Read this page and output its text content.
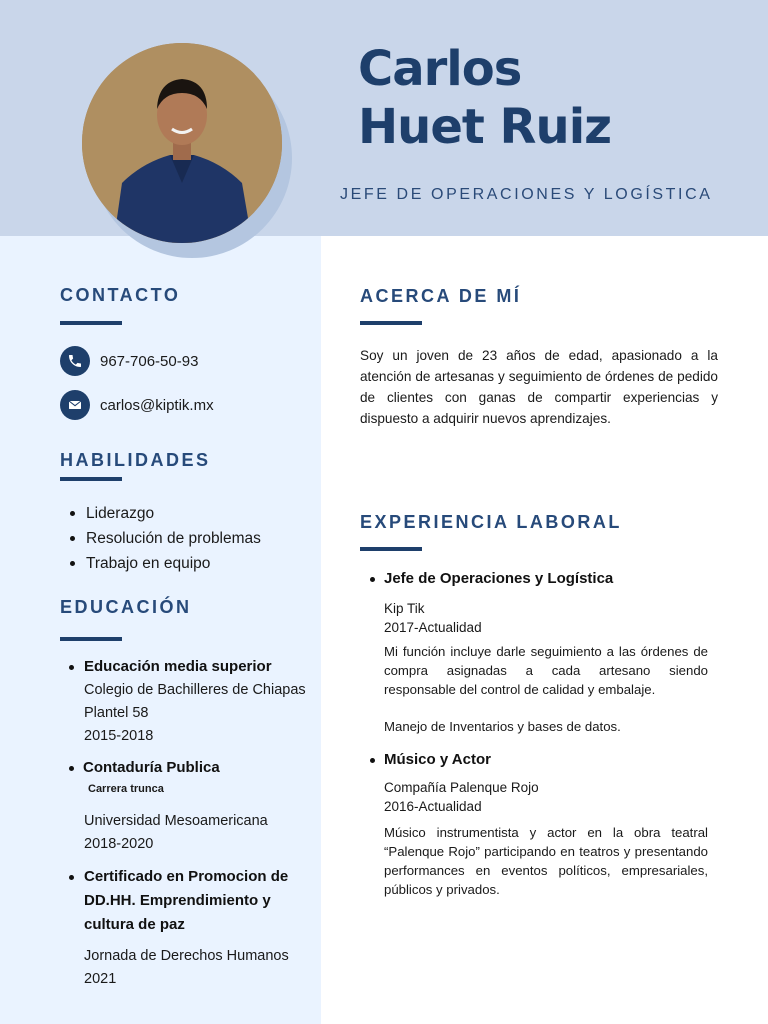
Carlos
Huet Ruiz
JEFE DE OPERACIONES Y LOGÍSTICA
CONTACTO
967-706-50-93
carlos@kiptik.mx
HABILIDADES
Liderazgo
Resolución de problemas
Trabajo en equipo
EDUCACIÓN
Educación media superior
Colegio de Bachilleres de Chiapas
Plantel 58
2015-2018
Contaduría Publica
Carrera trunca
Universidad Mesoamericana
2018-2020
Certificado en Promocion de DD.HH. Emprendimiento y cultura de paz
Jornada de Derechos Humanos
2021
ACERCA DE MÍ
Soy un joven de 23 años de edad, apasionado a la atención de artesanas y seguimiento de órdenes de pedido de clientes con ganas de compartir experiencias y dispuesto a adquirir nuevos aprendizajes.
EXPERIENCIA LABORAL
Jefe de Operaciones y Logística
Kip Tik
2017-Actualidad
Mi función incluye darle seguimiento a las órdenes de compra asignadas a cada artesano siendo responsable del control de calidad y embalaje.
Manejo de Inventarios y bases de datos.
Músico y Actor
Compañía Palenque Rojo
2016-Actualidad
Músico instrumentista y actor en la obra teatral “Palenque Rojo” participando en teatros y presentando performances en eventos políticos, empresariales, públicos y privados.
